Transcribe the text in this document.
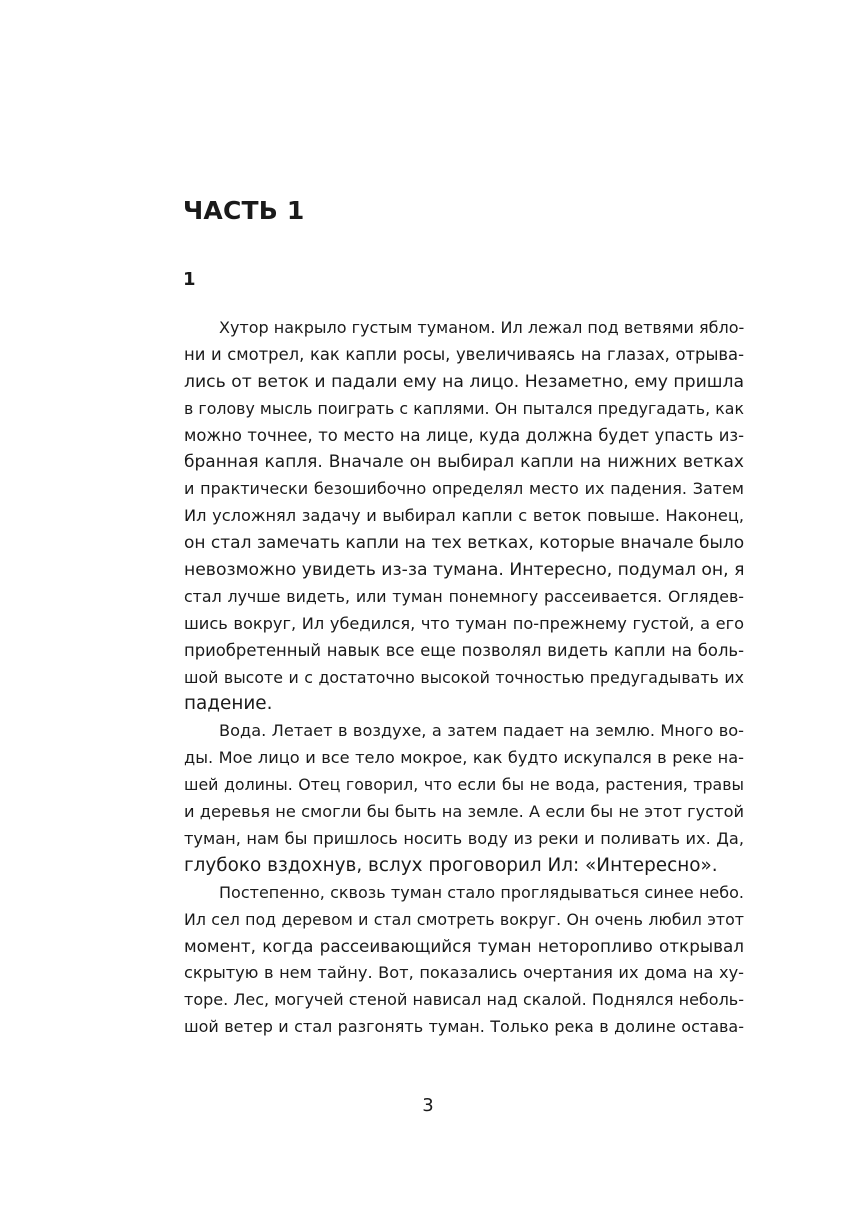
ЧАСТЬ 1
1

Хутор накрыло густым туманом. Ил лежал под ветвями ябло-
ни и смотрел, как капли росы, увеличиваясь на глазах, отрыва-
лись от веток и падали ему на лицо. Незаметно, ему пришла
в голову мысль поиграть с каплями. Он пытался предугадать, как
можно точнее, то место на лице, куда должна будет упасть из-
бранная капля. Вначале он выбирал капли на нижних ветках
и практически безошибочно определял место их падения. Затем
Ил усложнял задачу и выбирал капли с веток повыше. Наконец,
он стал замечать капли на тех ветках, которые вначале было
невозможно увидеть из-за тумана. Интересно, подумал он, я
стал лучше видеть, или туман понемногу рассеивается. Оглядев-
шись вокруг, Ил убедился, что туман по-прежнему густой, а его
приобретенный навык все еще позволял видеть капли на боль-
шой высоте и с достаточно высокой точностью предугадывать их
падение.

Вода. Летает в воздухе, а затем падает на землю. Много во-
ды. Мое лицо и все тело мокрое, как будто искупался в реке на-
шей долины. Отец говорил, что если бы не вода, растения, травы
и деревья не смогли бы быть на земле. А если бы не этот густой
туман, нам бы пришлось носить воду из реки и поливать их. Да,
глубоко вздохнув, вслух проговорил Ил: «Интересно».

Постепенно, сквозь туман стало проглядываться синее небо.
Ил сел под деревом и стал смотреть вокруг. Он очень любил этот
момент, когда рассеивающийся туман неторопливо открывал
скрытую в нем тайну. Вот, показались очертания их дома на ху-
торе. Лес, могучей стеной нависал над скалой. Поднялся неболь-
шой ветер и стал разгонять туман. Только река в долине остава-

3
